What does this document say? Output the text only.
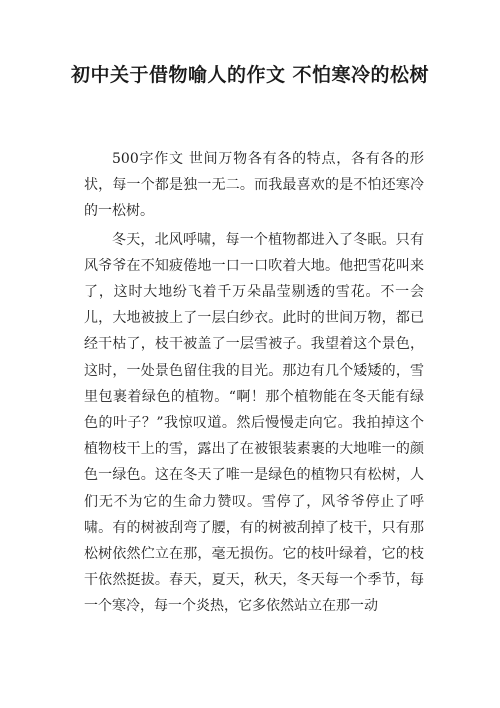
初中关于借物喻人的作文 不怕寒冷的松树

500字作文 世间万物各有各的特点，各有各的形状，每一个都是独一无二。而我最喜欢的是不怕还寒冷的一松树。

冬天，北风呼啸，每一个植物都进入了冬眠。只有风爷爷在不知疲倦地一口一口吹着大地。他把雪花叫来了，这时大地纷飞着千万朵晶莹剔透的雪花。不一会儿，大地被披上了一层白纱衣。此时的世间万物，都已经干枯了，枝干被盖了一层雪被子。我望着这个景色，这时，一处景色留住我的目光。那边有几个矮矮的，雪里包裹着绿色的植物。“啊！那个植物能在冬天能有绿色的叶子？”我惊叹道。然后慢慢走向它。我拍掉这个植物枝干上的雪，露出了在被银装素裹的大地唯一的颜色一绿色。这在冬天了唯一是绿色的植物只有松树，人们无不为它的生命力赞叹。雪停了，风爷爷停止了呼啸。有的树被刮弯了腰，有的树被刮掉了枝干，只有那松树依然伫立在那，毫无损伤。它的枝叶绿着，它的枝干依然挺拔。春天，夏天，秋天，冬天每一个季节，每一个寒冷，每一个炎热，它多依然站立在那一动
